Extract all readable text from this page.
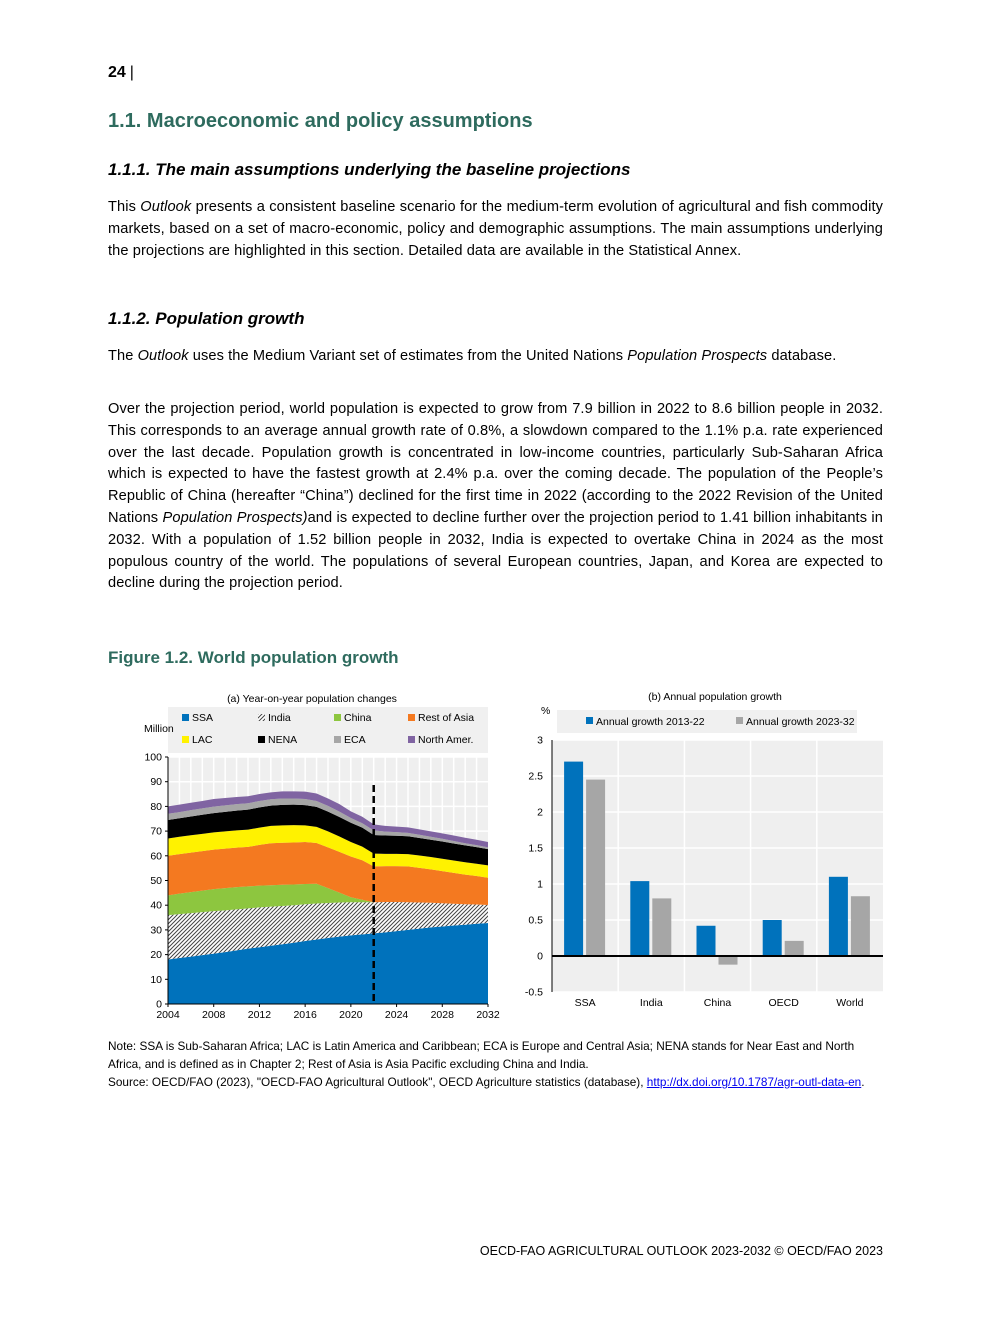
24 |
1.1. Macroeconomic and policy assumptions
1.1.1. The main assumptions underlying the baseline projections
This Outlook presents a consistent baseline scenario for the medium-term evolution of agricultural and fish commodity markets, based on a set of macro-economic, policy and demographic assumptions. The main assumptions underlying the projections are highlighted in this section. Detailed data are available in the Statistical Annex.
1.1.2. Population growth
The Outlook uses the Medium Variant set of estimates from the United Nations Population Prospects database.
Over the projection period, world population is expected to grow from 7.9 billion in 2022 to 8.6 billion people in 2032. This corresponds to an average annual growth rate of 0.8%, a slowdown compared to the 1.1% p.a. rate experienced over the last decade. Population growth is concentrated in low-income countries, particularly Sub-Saharan Africa which is expected to have the fastest growth at 2.4% p.a. over the coming decade. The population of the People’s Republic of China (hereafter “China”) declined for the first time in 2022 (according to the 2022 Revision of the United Nations Population Prospects)and is expected to decline further over the projection period to 1.41 billion inhabitants in 2032. With a population of 1.52 billion people in 2032, India is expected to overtake China in 2024 as the most populous country of the world. The populations of several European countries, Japan, and Korea are expected to decline during the projection period.
Figure 1.2. World population growth
(a) Year-on-year population changes
SSA	India	China	Rest of Asia
LAC	NENA	ECA	North Amer.
Million
0
10
20
30
40
50
60
70
80
90
100
2004 2008 2012 2016 2020 2024 2028 2032
(b) Annual population growth
%
Annual growth 2013-22	Annual growth 2023-32
SSA	India	China	OECD	World
-0.5
0
0.5
1
1.5
2
2.5
3
Note: SSA is Sub-Saharan Africa; LAC is Latin America and Caribbean; ECA is Europe and Central Asia; NENA stands for Near East and North Africa, and is defined as in Chapter 2; Rest of Asia is Asia Pacific excluding China and India.
Source: OECD/FAO (2023), "OECD-FAO Agricultural Outlook", OECD Agriculture statistics (database), http://dx.doi.org/10.1787/agr-outl-data-en.
OECD-FAO AGRICULTURAL OUTLOOK 2023-2032 © OECD/FAO 2023
